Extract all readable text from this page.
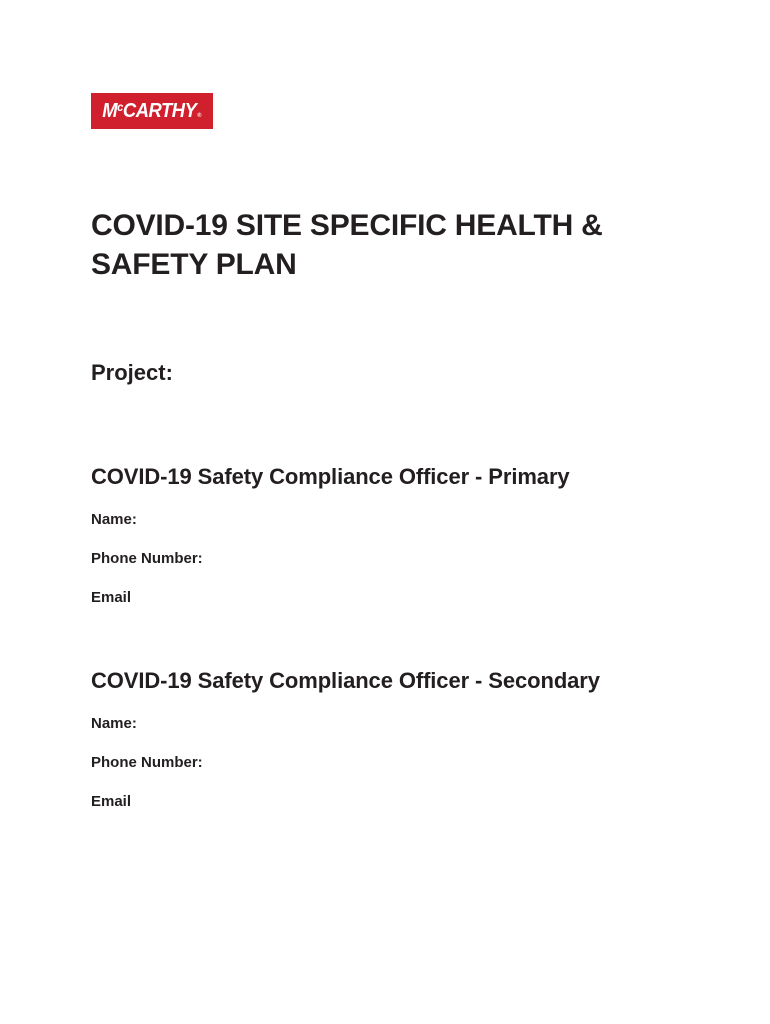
$M^cCARTHY®$
COVID-19 SITE SPECIFIC HEALTH & SAFETY PLAN
Project:
COVID-19 Safety Compliance Officer - Primary

Name:

Phone Number:

Email

COVID-19 Safety Compliance Officer - Secondary

Name:

Phone Number:

Email
